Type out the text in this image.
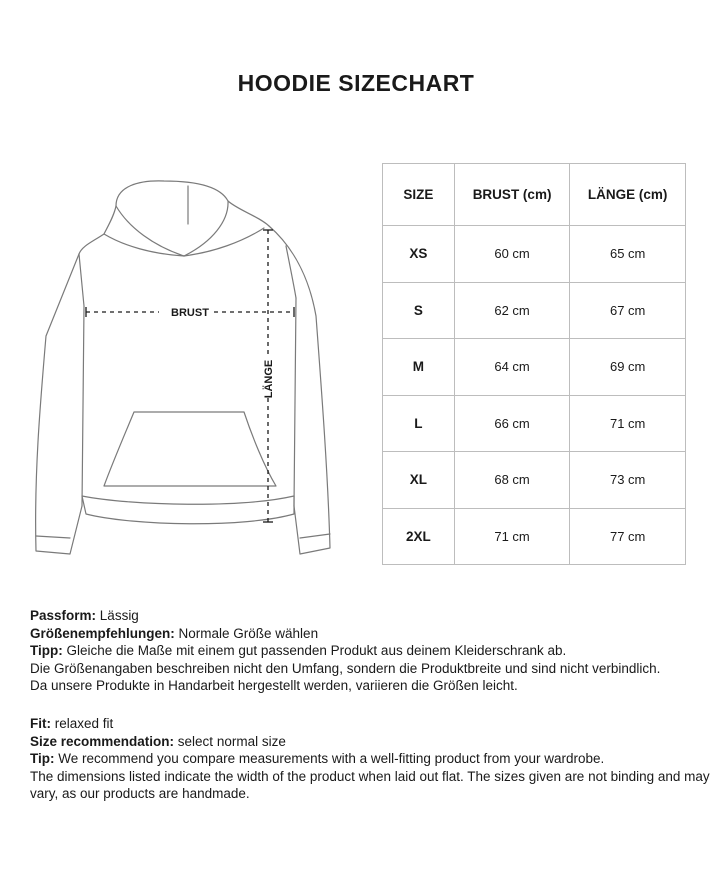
HOODIE SIZECHART
BRUST
LÄNGE
SIZE	BRUST (cm)	LÄNGE (cm)
XS	60 cm	65 cm
S	62 cm	67 cm
M	64 cm	69 cm
L	66 cm	71 cm
XL	68 cm	73 cm
2XL	71 cm	77 cm

Passform: Lässig

Größenempfehlungen: Normale Größe wählen

Tipp: Gleiche die Maße mit einem gut passenden Produkt aus deinem Kleiderschrank ab.

Die Größenangaben beschreiben nicht den Umfang, sondern die Produktbreite und sind nicht verbindlich.

Da unsere Produkte in Handarbeit hergestellt werden, variieren die Größen leicht.

Fit: relaxed fit

Size recommendation: select normal size

Tip: We recommend you compare measurements with a well-fitting product from your wardrobe.

The dimensions listed indicate the width of the product when laid out flat. The sizes given are not binding and may vary, as our products are handmade.
